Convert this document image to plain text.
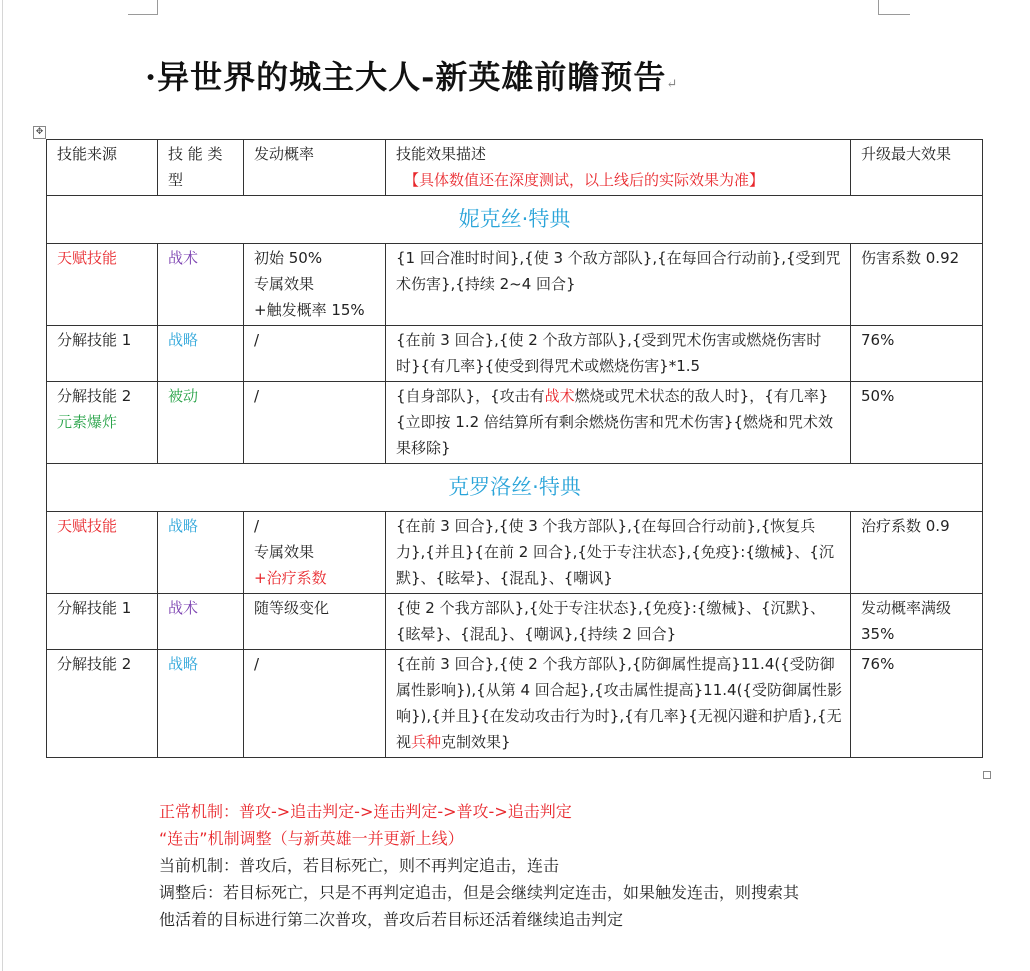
·异世界的城主大人-新英雄前瞻预告↵
✥
技能来源	技 能 类型	发动概率	技能效果描述
【具体数值还在深度测试，以上线后的实际效果为准】	升级最大效果
妮克丝·特典				
天赋技能	战术	初始 50%
专属效果
+触发概率 15%	{1 回合准时时间},{使 3 个敌方部队},{在每回合行动前},{受到咒术伤害},{持续 2~4 回合}	伤害系数 0.92
分解技能 1	战略	/	{在前 3 回合},{使 2 个敌方部队},{受到咒术伤害或燃烧伤害时时}{有几率}{使受到得咒术或燃烧伤害}*1.5	76%

分解技能 2
元素爆炸	被动	/	{自身部队}，{攻击有战术燃烧或咒术状态的敌人时}，{有几率}{立即按 1.2 倍结算所有剩余燃烧伤害和咒术伤害}{燃烧和咒术效果移除}	50%
克罗洛丝·特典				
天赋技能	战略	/
专属效果
+治疗系数	{在前 3 回合},{使 3 个我方部队},{在每回合行动前},{恢复兵力},{并且}{在前 2 回合},{处于专注状态},{免疫}:{缴械}、{沉默}、{眩晕}、{混乱}、{嘲讽}	治疗系数 0.9
分解技能 1	战术	随等级变化	{使 2 个我方部队},{处于专注状态},{免疫}:{缴械}、{沉默}、{眩晕}、{混乱}、{嘲讽},{持续 2 回合}	发动概率满级 35%
分解技能 2	战略	/	{在前 3 回合},{使 2 个我方部队},{防御属性提高}11.4({受防御属性影响}),{从第 4 回合起},{攻击属性提高}11.4({受防御属性影响}),{并且}{在发动攻击行为时},{有几率}{无视闪避和护盾},{无视兵种克制效果}	76%
正常机制：普攻->追击判定->连击判定->普攻->追击判定
“连击”机制调整（与新英雄一并更新上线）
当前机制：普攻后，若目标死亡，则不再判定追击，连击
调整后：若目标死亡，只是不再判定追击，但是会继续判定连击，如果触发连击，则搜索其
他活着的目标进行第二次普攻，普攻后若目标还活着继续追击判定
